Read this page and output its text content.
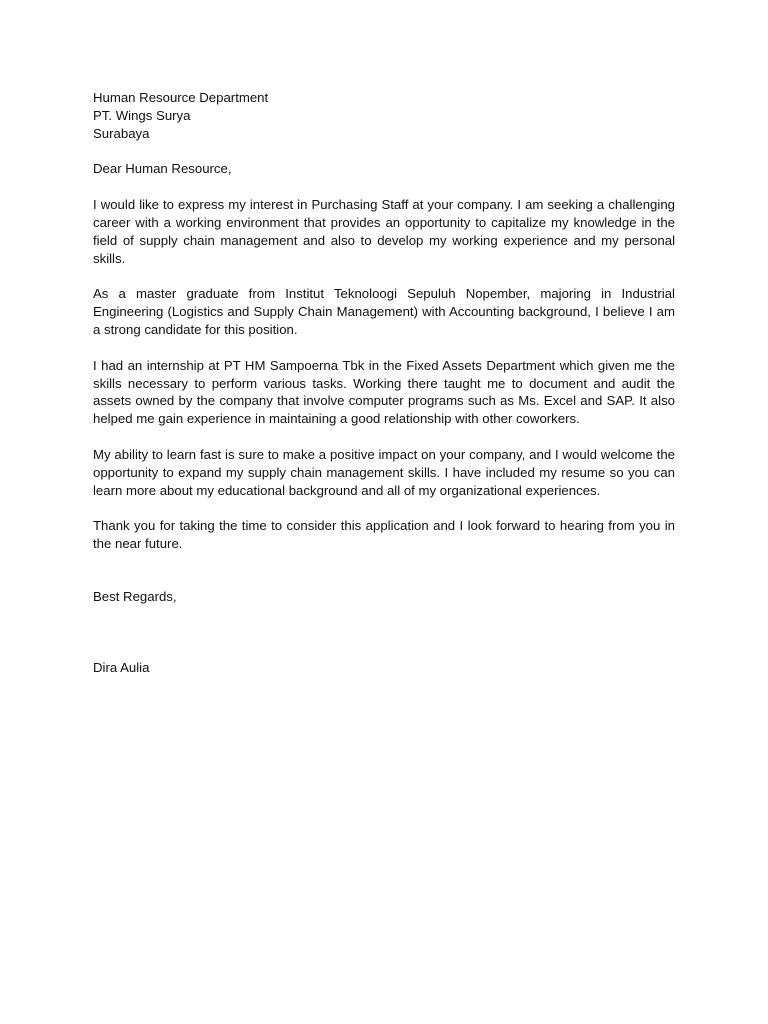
Human Resource Department

PT. Wings Surya

Surabaya

Dear Human Resource,

I would like to express my interest in Purchasing Staff at your company. I am seeking a challenging career with a working environment that provides an opportunity to capitalize my knowledge in the field of supply chain management and also to develop my working experience and my personal skills.

As a master graduate from Institut Teknoloogi Sepuluh Nopember, majoring in Industrial Engineering (Logistics and Supply Chain Management) with Accounting background, I believe I am a strong candidate for this position.

I had an internship at PT HM Sampoerna Tbk in the Fixed Assets Department which given me the skills necessary to perform various tasks. Working there taught me to document and audit the assets owned by the company that involve computer programs such as Ms. Excel and SAP. It also helped me gain experience in maintaining a good relationship with other coworkers.

My ability to learn fast is sure to make a positive impact on your company, and I would welcome the opportunity to expand my supply chain management skills. I have included my resume so you can learn more about my educational background and all of my organizational experiences.

Thank you for taking the time to consider this application and I look forward to hearing from you in the near future.

Best Regards,

Dira Aulia
